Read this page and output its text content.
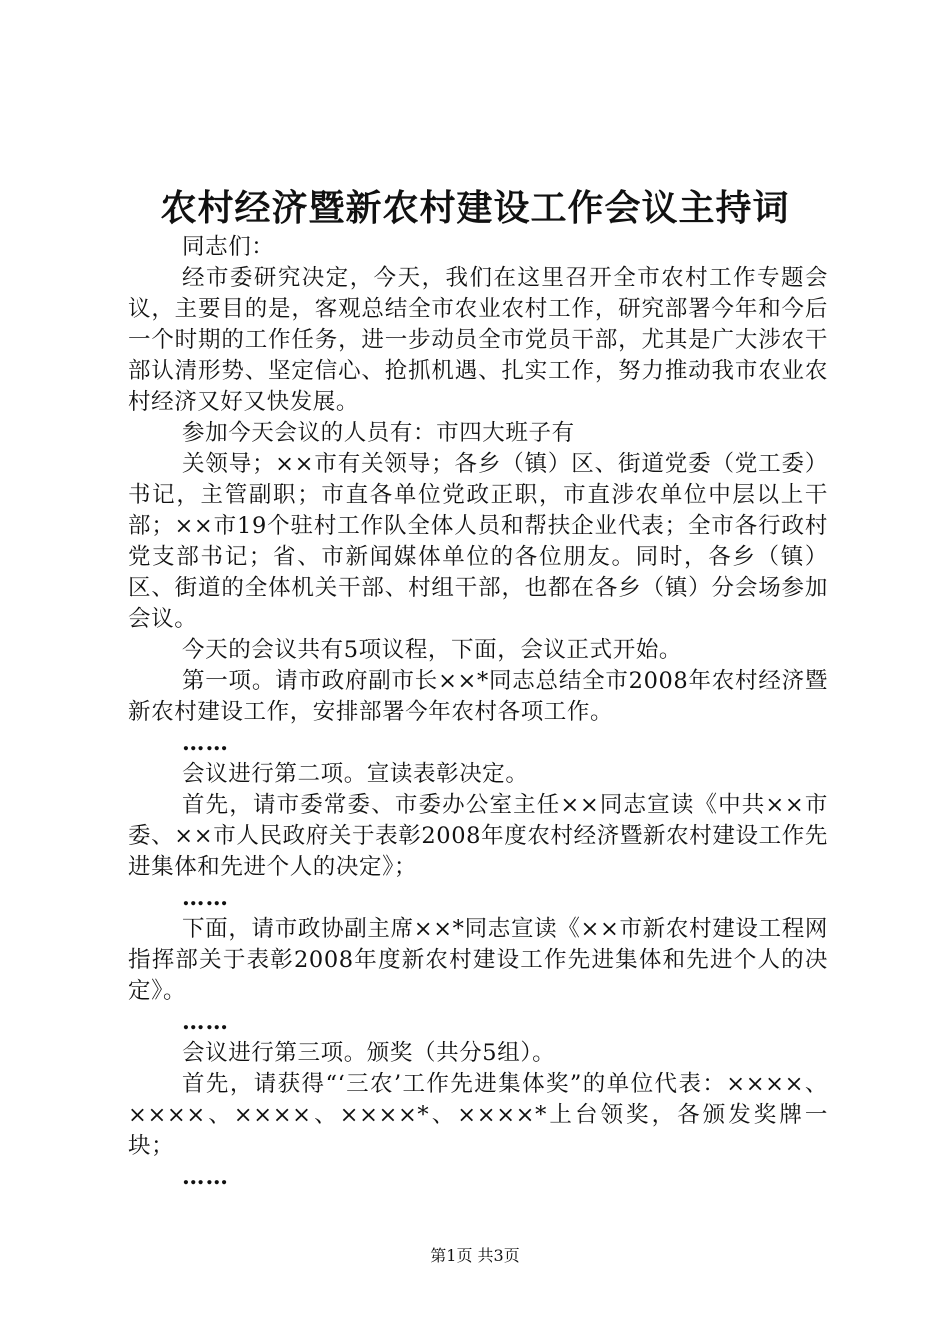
农村经济暨新农村建设工作会议主持词

同志们：

经市委研究决定，今天，我们在这里召开全市农村工作专题会议，主要目的是，客观总结全市农业农村工作，研究部署今年和今后一个时期的工作任务，进一步动员全市党员干部，尤其是广大涉农干部认清形势、坚定信心、抢抓机遇、扎实工作，努力推动我市农业农村经济又好又快发展。

参加今天会议的人员有：市四大班子有

关领导；××市有关领导；各乡（镇）区、街道党委（党工委）书记，主管副职；市直各单位党政正职，市直涉农单位中层以上干部；××市19个驻村工作队全体人员和帮扶企业代表；全市各行政村党支部书记；省、市新闻媒体单位的各位朋友。同时，各乡（镇）区、街道的全体机关干部、村组干部，也都在各乡（镇）分会场参加会议。

今天的会议共有5项议程，下面，会议正式开始。

第一项。请市政府副市长××*同志总结全市2008年农村经济暨新农村建设工作，安排部署今年农村各项工作。

……

会议进行第二项。宣读表彰决定。

首先，请市委常委、市委办公室主任××同志宣读《中共××市委、××市人民政府关于表彰2008年度农村经济暨新农村建设工作先进集体和先进个人的决定》；

……

下面，请市政协副主席××*同志宣读《××市新农村建设工程网指挥部关于表彰2008年度新农村建设工作先进集体和先进个人的决定》。

……

会议进行第三项。颁奖（共分5组）。

首先，请获得“‘三农’工作先进集体奖”的单位代表：××××、××××、××××、××××*、××××*上台领奖，各颁发奖牌一块；

……

第1页 共3页
